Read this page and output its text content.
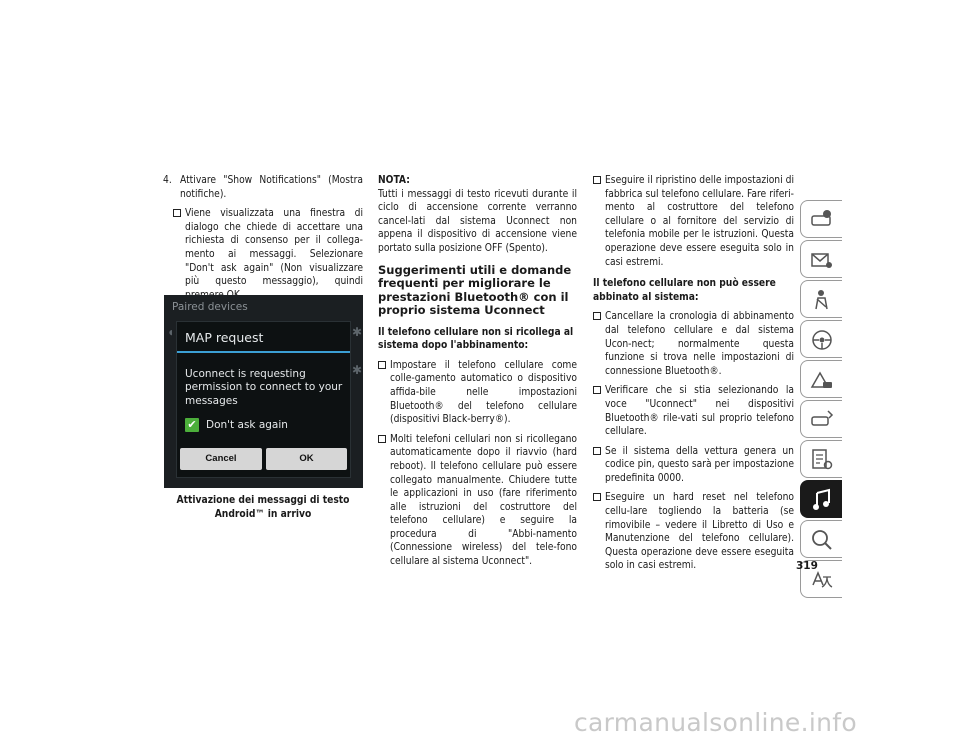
4. Attivare "Show Notifications" (Mostra notifiche).
Viene visualizzata una finestra di dialogo che chiede di accettare una richiesta di consenso per il collega-mento ai messaggi. Selezionare "Don't ask again" (Non visualizzare più questo messaggio), quindi
Paired devices
◖	✱
✱
MAP request
Uconnect is requesting permission to connect to your messages
✔ Don't ask again
Cancel	OK
Attivazione dei messaggi di testo Android™ in arrivo
NOTA:
Tutti i messaggi di testo ricevuti durante il ciclo di accensione corrente verranno cancel-lati dal sistema Uconnect non appena il dispositivo di accensione viene portato sulla posizione OFF (Spento).
Suggerimenti utili e domande frequenti per migliorare le prestazioni Bluetooth® con il proprio sistema Uconnect
Il telefono cellulare non si ricollega al sistema dopo l'abbinamento:
Impostare il telefono cellulare come colle-gamento automatico o dispositivo affida-bile nelle impostazioni Bluetooth® del telefono cellulare (dispositivi Black-berry®).
Molti telefoni cellulari non si ricollegano automaticamente dopo il riavvio (hard reboot). Il telefono cellulare può essere collegato manualmente. Chiudere tutte le applicazioni in uso (fare riferimento alle istruzioni del costruttore del telefono cellulare) e seguire la procedura di "Abbi-namento (Connessione wireless) del tele-fono cellulare al sistema Uconnect".
Eseguire il ripristino delle impostazioni di fabbrica sul telefono cellulare. Fare riferi-mento al costruttore del telefono cellulare o al fornitore del servizio di telefonia mobile per le istruzioni. Questa operazione deve essere eseguita solo in casi estremi.
Il telefono cellulare non può essere abbinato al sistema:
Cancellare la cronologia di abbinamento dal telefono cellulare e dal sistema Ucon-nect; normalmente questa funzione si trova nelle impostazioni di connessione Bluetooth®.
Verificare che si stia selezionando la voce "Uconnect" nei dispositivi Bluetooth® rile-vati sul proprio telefono cellulare.
Se il sistema della vettura genera un codice pin, questo sarà per impostazione predefinita 0000.
Eseguire un hard reset nel telefono cellu-lare togliendo la batteria (se rimovibile – vedere il Libretto di Uso e Manutenzione del telefono cellulare). Questa operazione deve essere eseguita solo in casi estremi.	319
carmanualsonline.info
